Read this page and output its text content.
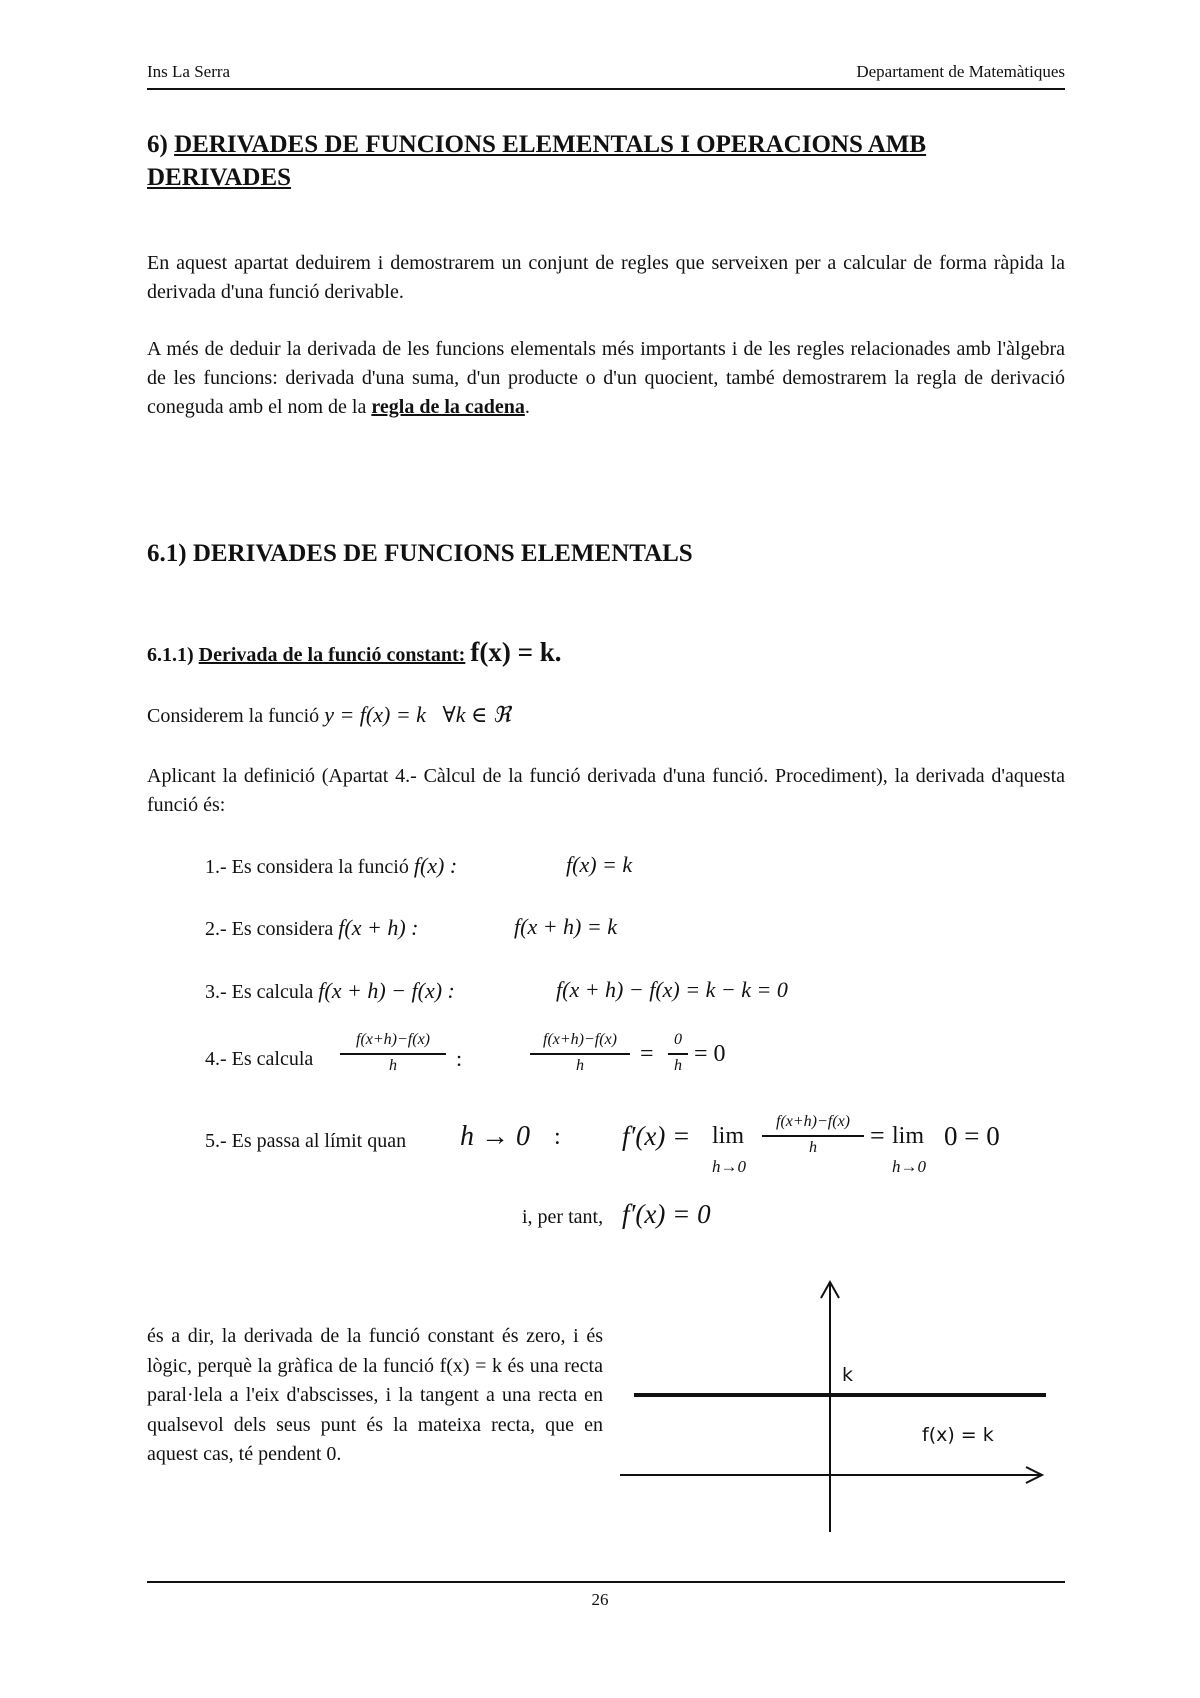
Ins La Serra	Departament de Matemàtiques
6) DERIVADES DE FUNCIONS ELEMENTALS I OPERACIONS AMB DERIVADES
En aquest apartat deduirem i demostrarem un conjunt de regles que serveixen per a calcular de forma ràpida la derivada d'una funció derivable.
A més de deduir la derivada de les funcions elementals més importants i de les regles relacionades amb l'àlgebra de les funcions: derivada d'una suma, d'un producte o d'un quocient, també demostrarem la regla de derivació coneguda amb el nom de la regla de la cadena.
6.1) DERIVADES DE FUNCIONS ELEMENTALS
6.1.1) Derivada de la funció constant: f(x) = k.
Considerem la funció y = f(x) = k   ∀k ∈ ℜ
Aplicant la definició (Apartat 4.- Càlcul de la funció derivada d'una funció. Procediment), la derivada d'aquesta funció és:
1.- Es considera la funció f(x) :	f(x) = k
2.- Es considera f(x + h) :	f(x + h) = k
3.- Es calcula f(x + h) − f(x) :	f(x + h) − f(x) = k − k = 0
4.- Es calcula
f(x+h)−f(x)
h	:
f(x+h)−f(x)
h	=
0
h = 0
5.- Es passa al límit quan h → 0 : f′(x) = lim
h→0
f(x+h)−f(x)
h	= lim
h→0
0 = 0
i, per tant, f′(x) = 0
és a dir, la derivada de la funció constant és zero, i és lògic, perquè la gràfica de la funció f(x) = k és una recta paral·lela a l'eix d'abscisses, i la tangent a una recta en qualsevol dels seus punt és la mateixa recta, que en aquest cas, té pendent 0.
k
f(x) = k
26
